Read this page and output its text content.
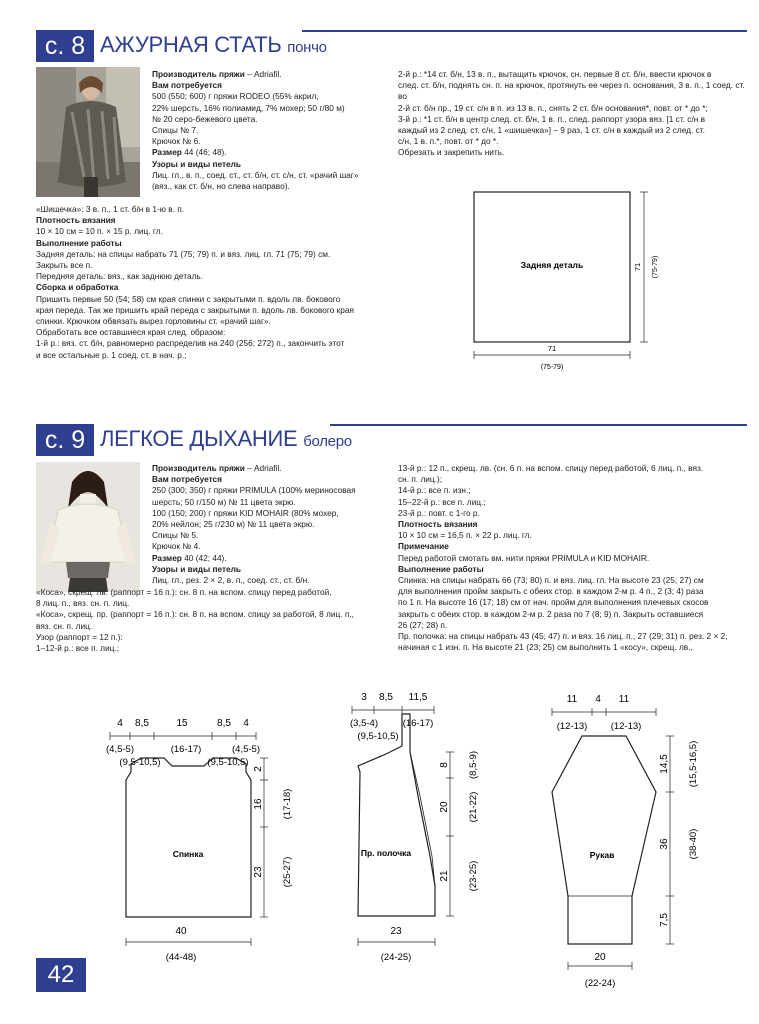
с. 8 АЖУРНАЯ СТАТЬ пончо

Производитель пряжи – Adriafil.

Вам потребуется

500 (550; 600) г пряжи RODEO (55% акрил,

22% шерсть, 16% полиамид, 7% мохер; 50 г/80 м)

№ 20 серо-бежевого цвета.

Спицы № 7.

Крючок № 6.

Размер 44 (46; 48).

Узоры и виды петель

Лиц. гл., в. п., соед. ст., ст. б/н, ст. с/н, ст. «рачий шаг»

(вяз., как ст. б/н, но слева направо).

«Шишечка»: 3 в. п., 1 ст. б/н в 1-ю в. п.

Плотность вязания

10 × 10 см = 10 п. × 15 р. лиц. гл.

Выполнение работы

Задняя деталь: на спицы набрать 71 (75; 79) п. и вяз. лиц. гл. 71 (75; 79) см.

Закрыть все п.

Передняя деталь: вяз., как заднюю деталь.

Сборка и обработка

Пришить первые 50 (54; 58) см края спинки с закрытыми п. вдоль лв. бокового

края переда. Так же пришить край переда с закрытыми п. вдоль лв. бокового края

спинки. Крючком обвязать вырез горловины ст. «рачий шаг».

Обработать все оставшиеся края след. образом:

1-й р.: вяз. ст. б/н, равномерно распределив на 240 (256; 272) п., закончить этот

и все остальные р. 1 соед. ст. в нач. р.;

2-й р.: *14 ст. б/н, 13 в. п., вытащить крючок, сн. первые 8 ст. б/н, ввести крючок в

след. ст. б/н, поднять сн. п. на крючок, протянуть ее через п. основания, 3 в. п., 1 соед. ст. во

2-й ст. б/н пр., 19 ст. с/н в п. из 13 в. п., снять 2 ст. б/н основания*, повт. от * до *;

3-й р.: *1 ст. б/н в центр след. ст. б/н, 1 в. п., след. раппорт узора вяз. [1 ст. с/н в

каждый из 2 след. ст. с/н, 1 «шишечка»] – 9 раз, 1 ст. с/н в каждый из 2 след. ст.

с/н, 1 в. п.*, повт. от * до *.

Обрезать и закрепить нить.

Задняя деталь
71
(75-79)
71 (75-79)
с. 9 ЛЕГКОЕ ДЫХАНИЕ болеро

Производитель пряжи – Adriafil.

Вам потребуется

250 (300; 350) г пряжи PRIMULA (100% мериносовая

шерсть; 50 г/150 м) № 11 цвета экрю.

100 (150; 200) г пряжи KID MOHAIR (80% мохер,

20% нейлон; 25 г/230 м) № 11 цвета экрю.

Спицы № 5.

Крючок № 4.

Размер 40 (42; 44).

Узоры и виды петель

Лиц. гл., рез. 2 × 2, в. п., соед. ст., ст. б/н.

«Коса», скрещ. лв. (раппорт = 16 п.): сн. 8 п. на вспом. спицу перед работой,

8 лиц. п., вяз. сн. п. лиц.

«Коса», скрещ. пр. (раппорт = 16 п.): сн. 8 п. на вспом. спицу за работой, 8 лиц. п.,

вяз. сн. п. лиц.

Узор (раппорт = 12 п.):

1–12-й р.: все п. лиц.;

13-й р.: 12 п., скрещ. лв. (сн. 6 п. на вспом. спицу перед работой, 6 лиц. п., вяз.

сн. п. лиц.);

14-й р.: все п. изн.;

15–22-й р.: все п. лиц.;

23-й р.: повт. с 1-го р.

Плотность вязания

10 × 10 см = 16,5 п. × 22 р. лиц. гл.

Примечание

Перед работой смотать вм. нити пряжи PRIMULA и KID MOHAIR.

Выполнение работы

Спинка: на спицы набрать 66 (73; 80) п. и вяз. лиц. гл. На высоте 23 (25; 27) см

для выполнения пройм закрыть с обеих стор. в каждом 2-м р. 4 п., 2 (3; 4) раза

по 1 п. На высоте 16 (17; 18) см от нач. пройм для выполнения плечевых скосов

закрыть с обеих стор. в каждом 2-м р. 2 раза по 7 (8; 9) п. Закрыть оставшиеся

26 (27; 28) п.

Пр. полочка: на спицы набрать 43 (45; 47) п. и вяз. 16 лиц. п., 27 (29; 31) п. рез. 2 × 2,

начиная с 1 изн. п. На высоте 21 (23; 25) см выполнить 1 «косу», скрещ. лв.,

Спинка
4 8,5	15	8,5 4
(4,5-5)	(16-17)	(4,5-5)
(9,5-10,5)	(9,5-10,5)
2
16
23
(17-18)
(25-27)
40
(44-48)
Пр. полочка
3 8,5 11,5
(3,5-4)	(16-17)
(9,5-10,5)
8
20
21
(8,5-9)
(21-22)
(23-25)
23
(24-25)
Рукав
11 4 11
(12-13) (12-13)
14,5
36
7,5
(15,5-16,5)
(38-40)
20
(22-24)
42
